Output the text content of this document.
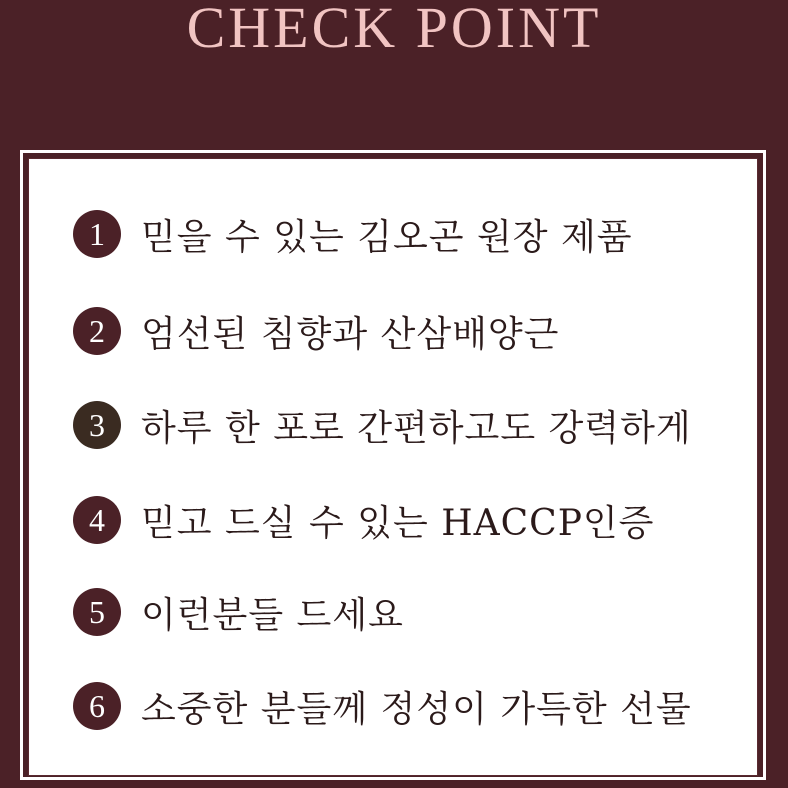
CHECK POINT
1	믿을 수 있는 김오곤 원장 제품
2	엄선된 침향과 산삼배양근
3	하루 한 포로 간편하고도 강력하게
4	믿고 드실 수 있는 HACCP인증
5	이런분들 드세요
6	소중한 분들께 정성이 가득한 선물
